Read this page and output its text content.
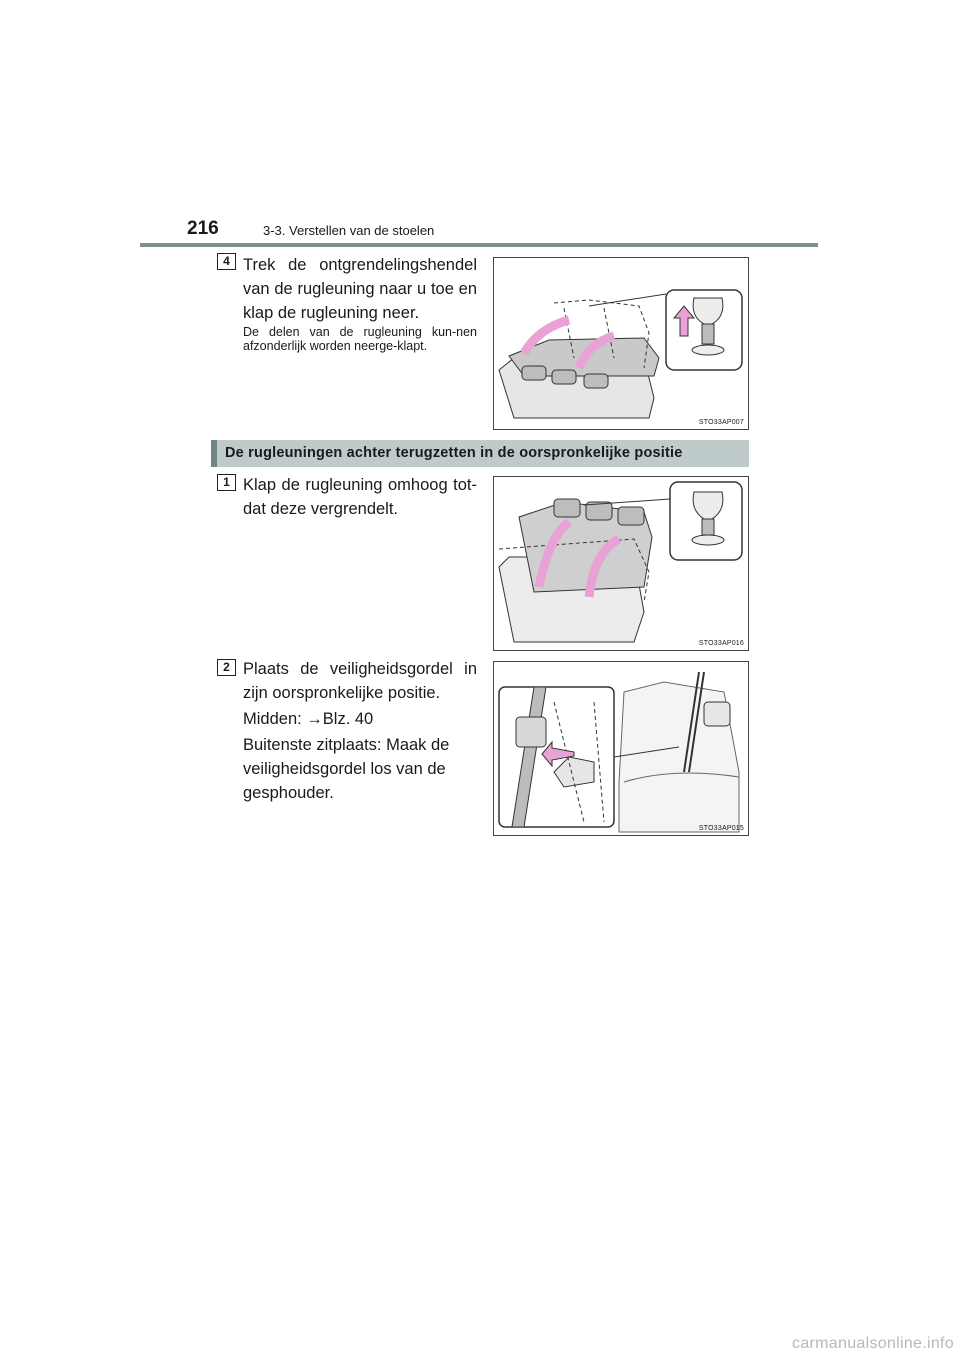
216	3-3. Verstellen van de stoelen
4 Trek de ontgrendelingshendel van de rugleuning naar u toe en klap de rugleuning neer.
De delen van de rugleuning kun-nen afzonderlijk worden neerge-klapt.
STO33AP007
De rugleuningen achter terugzetten in de oorspronkelijke positie
1 Klap de rugleuning omhoog tot-dat deze vergrendelt.
STO33AP016
2 Plaats de veiligheidsgordel in zijn oorspronkelijke positie.
Midden: →Blz. 40
Buitenste zitplaats: Maak de
veiligheidsgordel los van de
gesphouder.
STO33AP015
carmanualsonline.info
